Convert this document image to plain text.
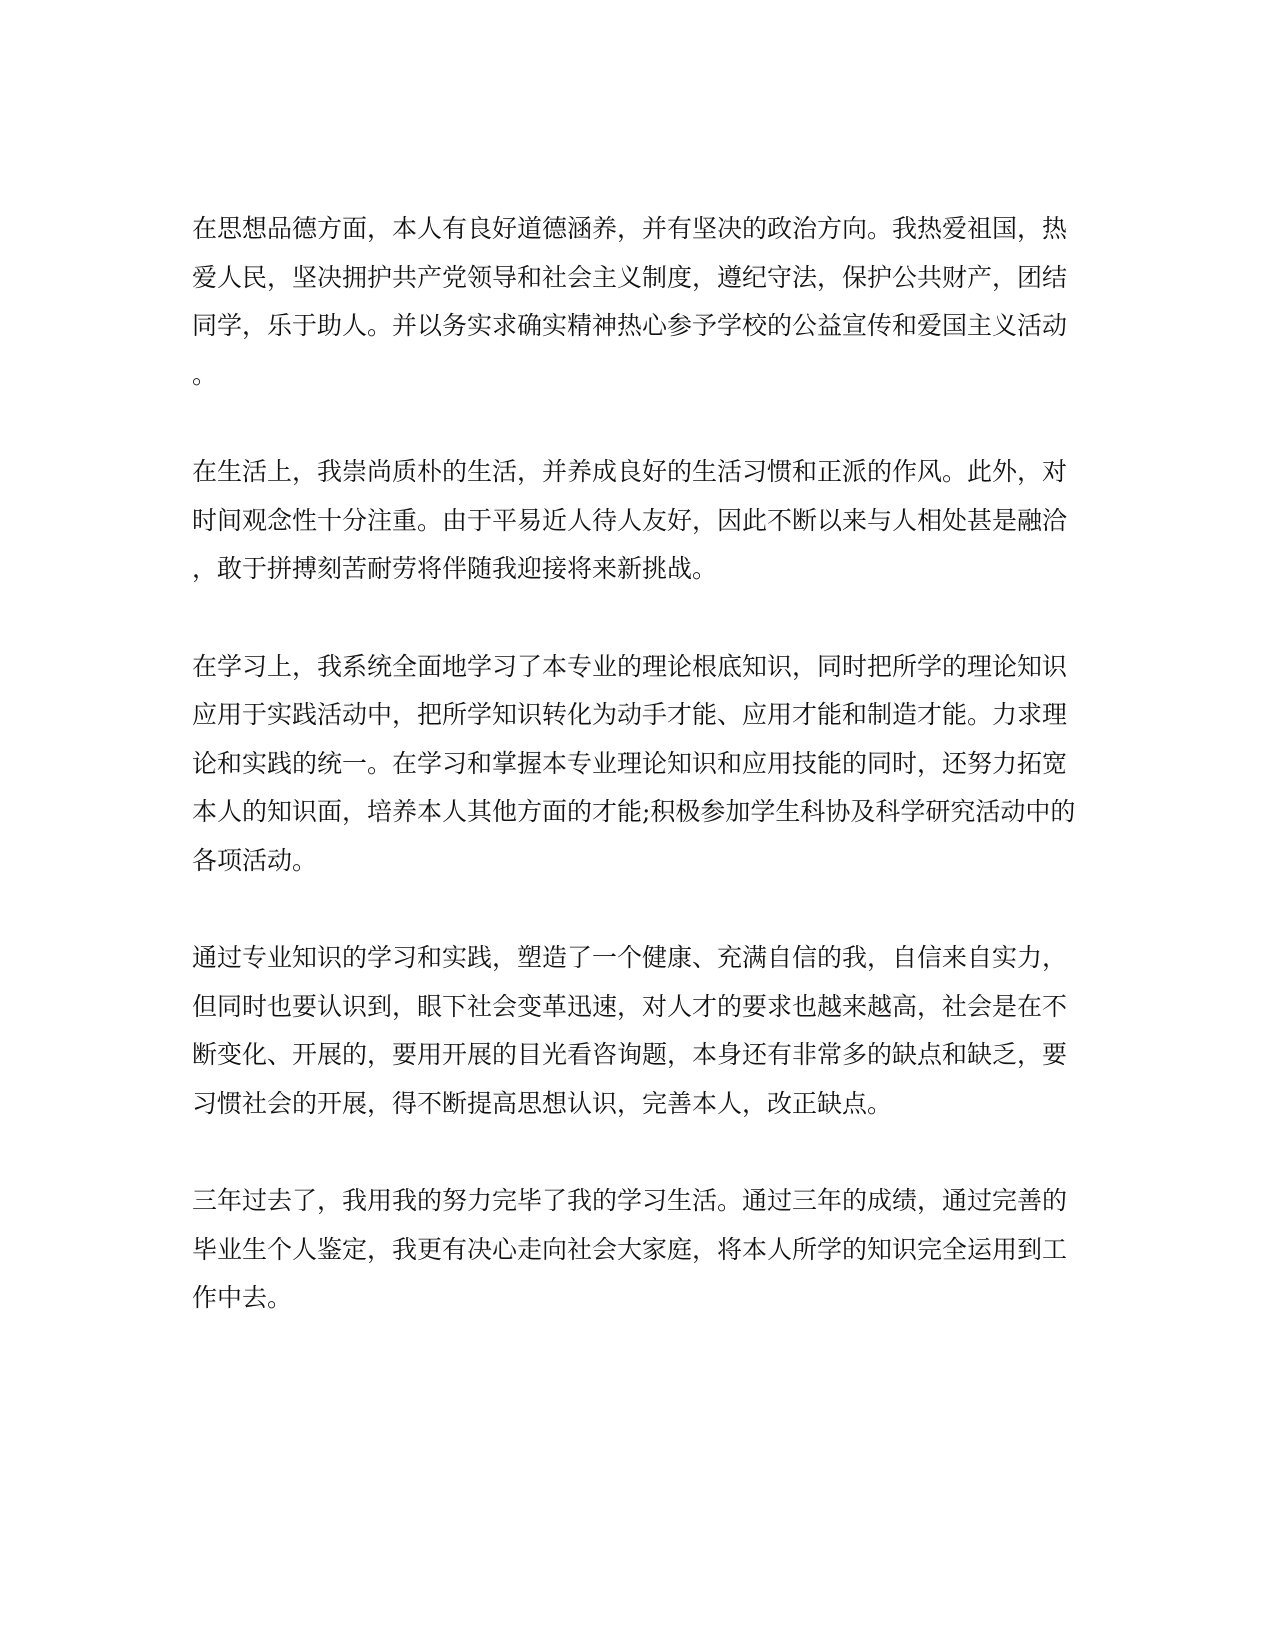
在思想品德方面，本人有良好道德涵养，并有坚决的政治方向。我热爱祖国，热
爱人民，坚决拥护共产党领导和社会主义制度，遵纪守法，保护公共财产，团结
同学，乐于助人。并以务实求确实精神热心参予学校的公益宣传和爱国主义活动
。
在生活上，我崇尚质朴的生活，并养成良好的生活习惯和正派的作风。此外，对
时间观念性十分注重。由于平易近人待人友好，因此不断以来与人相处甚是融洽
，敢于拼搏刻苦耐劳将伴随我迎接将来新挑战。
在学习上，我系统全面地学习了本专业的理论根底知识，同时把所学的理论知识
应用于实践活动中，把所学知识转化为动手才能、应用才能和制造才能。力求理
论和实践的统一。在学习和掌握本专业理论知识和应用技能的同时，还努力拓宽
本人的知识面，培养本人其他方面的才能;积极参加学生科协及科学研究活动中的
各项活动。
通过专业知识的学习和实践，塑造了一个健康、充满自信的我，自信来自实力，
但同时也要认识到，眼下社会变革迅速，对人才的要求也越来越高，社会是在不
断变化、开展的，要用开展的目光看咨询题，本身还有非常多的缺点和缺乏，要
习惯社会的开展，得不断提高思想认识，完善本人，改正缺点。
三年过去了，我用我的努力完毕了我的学习生活。通过三年的成绩，通过完善的
毕业生个人鉴定，我更有决心走向社会大家庭，将本人所学的知识完全运用到工
作中去。
